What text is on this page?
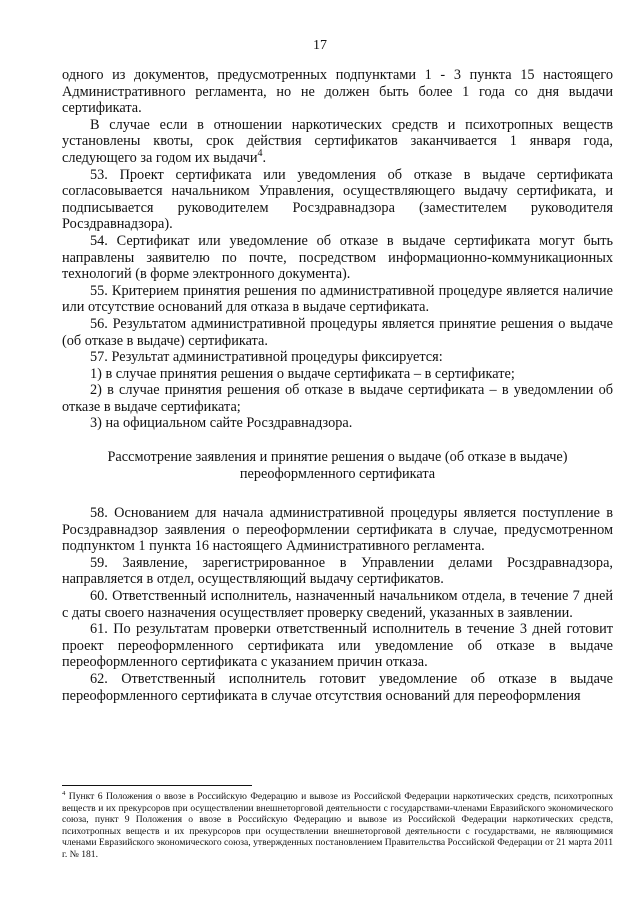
17

одного из документов, предусмотренных подпунктами 1 - 3 пункта 15 настоящего Административного регламента, но не должен быть более 1 года со дня выдачи сертификата.

В случае если в отношении наркотических средств и психотропных веществ установлены квоты, срок действия сертификатов заканчивается 1 января года, следующего за годом их выдачи$^4$.

53. Проект сертификата или уведомления об отказе в выдаче сертификата согласовывается начальником Управления, осуществляющего выдачу сертификата, и подписывается руководителем Росздравнадзора (заместителем руководителя Росздравнадзора).

54. Сертификат или уведомление об отказе в выдаче сертификата могут быть направлены заявителю по почте, посредством информационно-коммуникационных технологий (в форме электронного документа).

55. Критерием принятия решения по административной процедуре является наличие или отсутствие оснований для отказа в выдаче сертификата.

56. Результатом административной процедуры является принятие решения о выдаче (об отказе в выдаче) сертификата.

57. Результат административной процедуры фиксируется:

1) в случае принятия решения о выдаче сертификата – в сертификате;

2) в случае принятия решения об отказе в выдаче сертификата – в уведомлении об отказе в выдаче сертификата;

3) на официальном сайте Росздравнадзора.

Рассмотрение заявления и принятие решения о выдаче (об отказе в выдаче)
переоформленного сертификата

58. Основанием для начала административной процедуры является поступление в Росздравнадзор заявления о переоформлении сертификата в случае, предусмотренном подпунктом 1 пункта 16 настоящего Административного регламента.

59. Заявление, зарегистрированное в Управлении делами Росздравнадзора, направляется в отдел, осуществляющий выдачу сертификатов.

60. Ответственный исполнитель, назначенный начальником отдела, в течение 7 дней с даты своего назначения осуществляет проверку сведений, указанных в заявлении.

61. По результатам проверки ответственный исполнитель в течение 3 дней готовит проект переоформленного сертификата или уведомление об отказе в выдаче переоформленного сертификата с указанием причин отказа.

62. Ответственный исполнитель готовит уведомление об отказе в выдаче переоформленного сертификата в случае отсутствия оснований для переоформления

$^4$ Пункт 6 Положения о ввозе в Российскую Федерацию и вывозе из Российской Федерации наркотических средств, психотропных веществ и их прекурсоров при осуществлении внешнеторговой деятельности с государствами-членами Евразийского экономического союза, пункт 9 Положения о ввозе в Российскую Федерацию и вывозе из Российской Федерации наркотических средств, психотропных веществ и их прекурсоров при осуществлении внешнеторговой деятельности с государствами, не являющимися членами Евразийского экономического союза, утвержденных постановлением Правительства Российской Федерации от 21 марта 2011 г. № 181.
